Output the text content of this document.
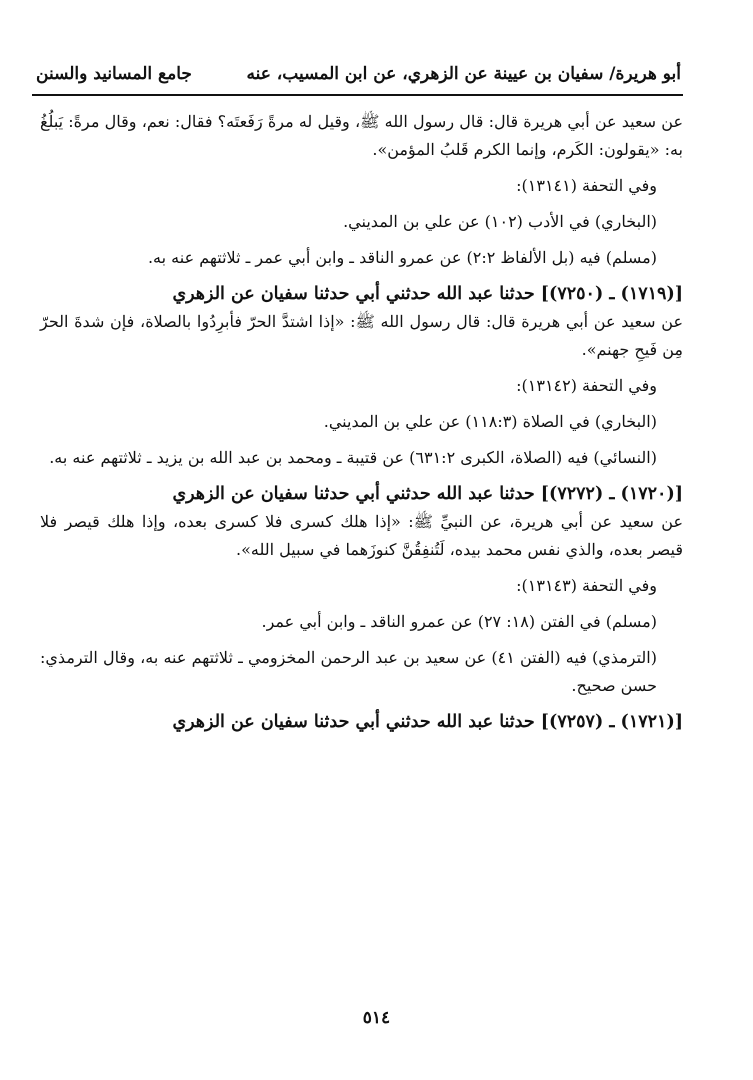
أبو هريرة/ سفيان بن عيينة عن الزهري، عن ابن المسيب، عنه
جامع المسانيد والسنن
عن سعيد عن أبي هريرة قال: قال رسول الله ﷺ، وقيل له مرةً رَفَعتَه؟ فقال: نعم، وقال مرةً: يَبلُغُ به: «يقولون: الكَرم، وإنما الكرم قَلبُ المؤمن».
وفي التحفة (١٣١٤١):
(البخاري) في الأدب (١٠٢) عن علي بن المديني.
(مسلم) فيه (بل الألفاظ ٢:٢) عن عمرو الناقد ـ وابن أبي عمر ـ ثلاثتهم عنه به.
[(١٧١٩) ـ (٧٢٥٠)] حدثنا عبد الله حدثني أبي حدثنا سفيان عن الزهري
عن سعيد عن أبي هريرة قال: قال رسول الله ﷺ: «إذا اشتدَّ الحرّ فأبرِدُوا بالصلاة، فإن شدةَ الحرّ مِن فَيحِ جهنم».
وفي التحفة (١٣١٤٢):
(البخاري) في الصلاة (١١٨:٣) عن علي بن المديني.
(النسائي) فيه (الصلاة، الكبرى ٦٣١:٢) عن قتيبة ـ ومحمد بن عبد الله بن يزيد ـ ثلاثتهم عنه به.
[(١٧٢٠) ـ (٧٢٧٢)] حدثنا عبد الله حدثني أبي حدثنا سفيان عن الزهري
عن سعيد عن أبي هريرة، عن النبيِّ ﷺ: «إذا هلك كسرى فلا كسرى بعده، وإذا هلك قيصر فلا قيصر بعده، والذي نفس محمد بيده، لَتُنفِقُنَّ كنوزَهما في سبيل الله».
وفي التحفة (١٣١٤٣):
(مسلم) في الفتن (١٨: ٢٧) عن عمرو الناقد ـ وابن أبي عمر.
(الترمذي) فيه (الفتن ٤١) عن سعيد بن عبد الرحمن المخزومي ـ ثلاثتهم عنه به، وقال الترمذي: حسن صحيح.
[(١٧٢١) ـ (٧٢٥٧)] حدثنا عبد الله حدثني أبي حدثنا سفيان عن الزهري
٥١٤
